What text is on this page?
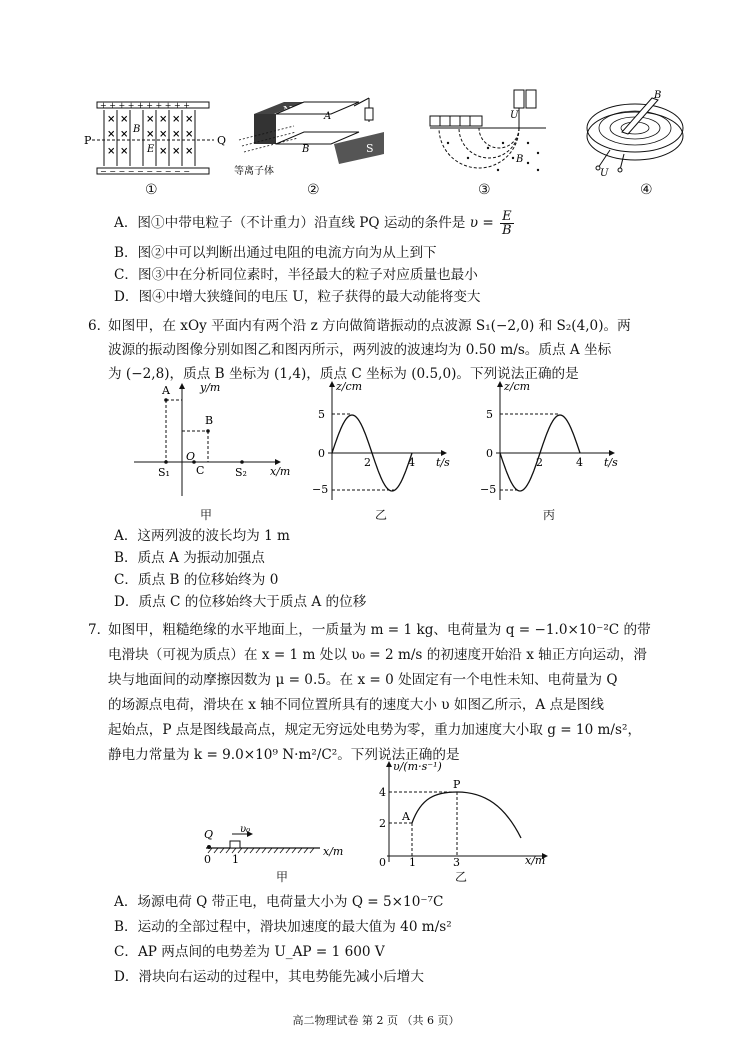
P	Q
+ + + + + + + + + +
− − − − − − − − − −
× × × × × ×
× × × × × ×
× ×	× × ×
B
E
A
B	S
等离子体
U
B
B
U
①	②	③	④
A．图①中带电粒子（不计重力）沿直线 PQ 运动的条件是 $\upsilon = \frac{E}{B}$
B．图②中可以判断出通过电阻的电流方向为从上到下
C．图③中在分析同位素时，半径最大的粒子对应质量也最小
D．图④中增大狭缝间的电压 U，粒子获得的最大动能将变大
6．
如图甲，在 xOy 平面内有两个沿 z 方向做简谐振动的点波源 S₁(−2,0) 和 S₂(4,0)。两
波源的振动图像分别如图乙和图丙所示，两列波的波速均为 0.50 m/s。质点 A 坐标
为 (−2,8)，质点 B 坐标为 (1,4)，质点 C 坐标为 (0.5,0)。下列说法正确的是
y/m
x/m
A
B
O
C
S₁	S₂
甲
z/cm
t/s
5
0
−5
2	4
乙
z/cm
t/s
5
0
−5
2	4
丙
A．这两列波的波长均为 1 m
B．质点 A 为振动加强点
C．质点 B 的位移始终为 0
D．质点 C 的位移始终大于质点 A 的位移
7．
如图甲，粗糙绝缘的水平地面上，一质量为 m = 1 kg、电荷量为 q = −1.0×10⁻²C 的带
电滑块（可视为质点）在 x = 1 m 处以 υ₀ = 2 m/s 的初速度开始沿 x 轴正方向运动，滑
块与地面间的动摩擦因数为 μ = 0.5。在 x = 0 处固定有一个电性未知、电荷量为 Q
的场源点电荷，滑块在 x 轴不同位置所具有的速度大小 υ 如图乙所示，A 点是图线
起始点，P 点是图线最高点，规定无穷远处电势为零，重力加速度大小取 g = 10 m/s²，
静电力常量为 k = 9.0×10⁹ N·m²/C²。下列说法正确的是
Q	υ₀
x/m
0 1
甲
υ/(m·s⁻¹)
x/m
4
2
0 1	3
A
P
乙
A．场源电荷 Q 带正电，电荷量大小为 Q = 5×10⁻⁷C
B．运动的全部过程中，滑块加速度的最大值为 40 m/s²
C．AP 两点间的电势差为 U_AP = 1 600 V
D．滑块向右运动的过程中，其电势能先减小后增大
高二物理试卷 第 2 页 （共 6 页）
